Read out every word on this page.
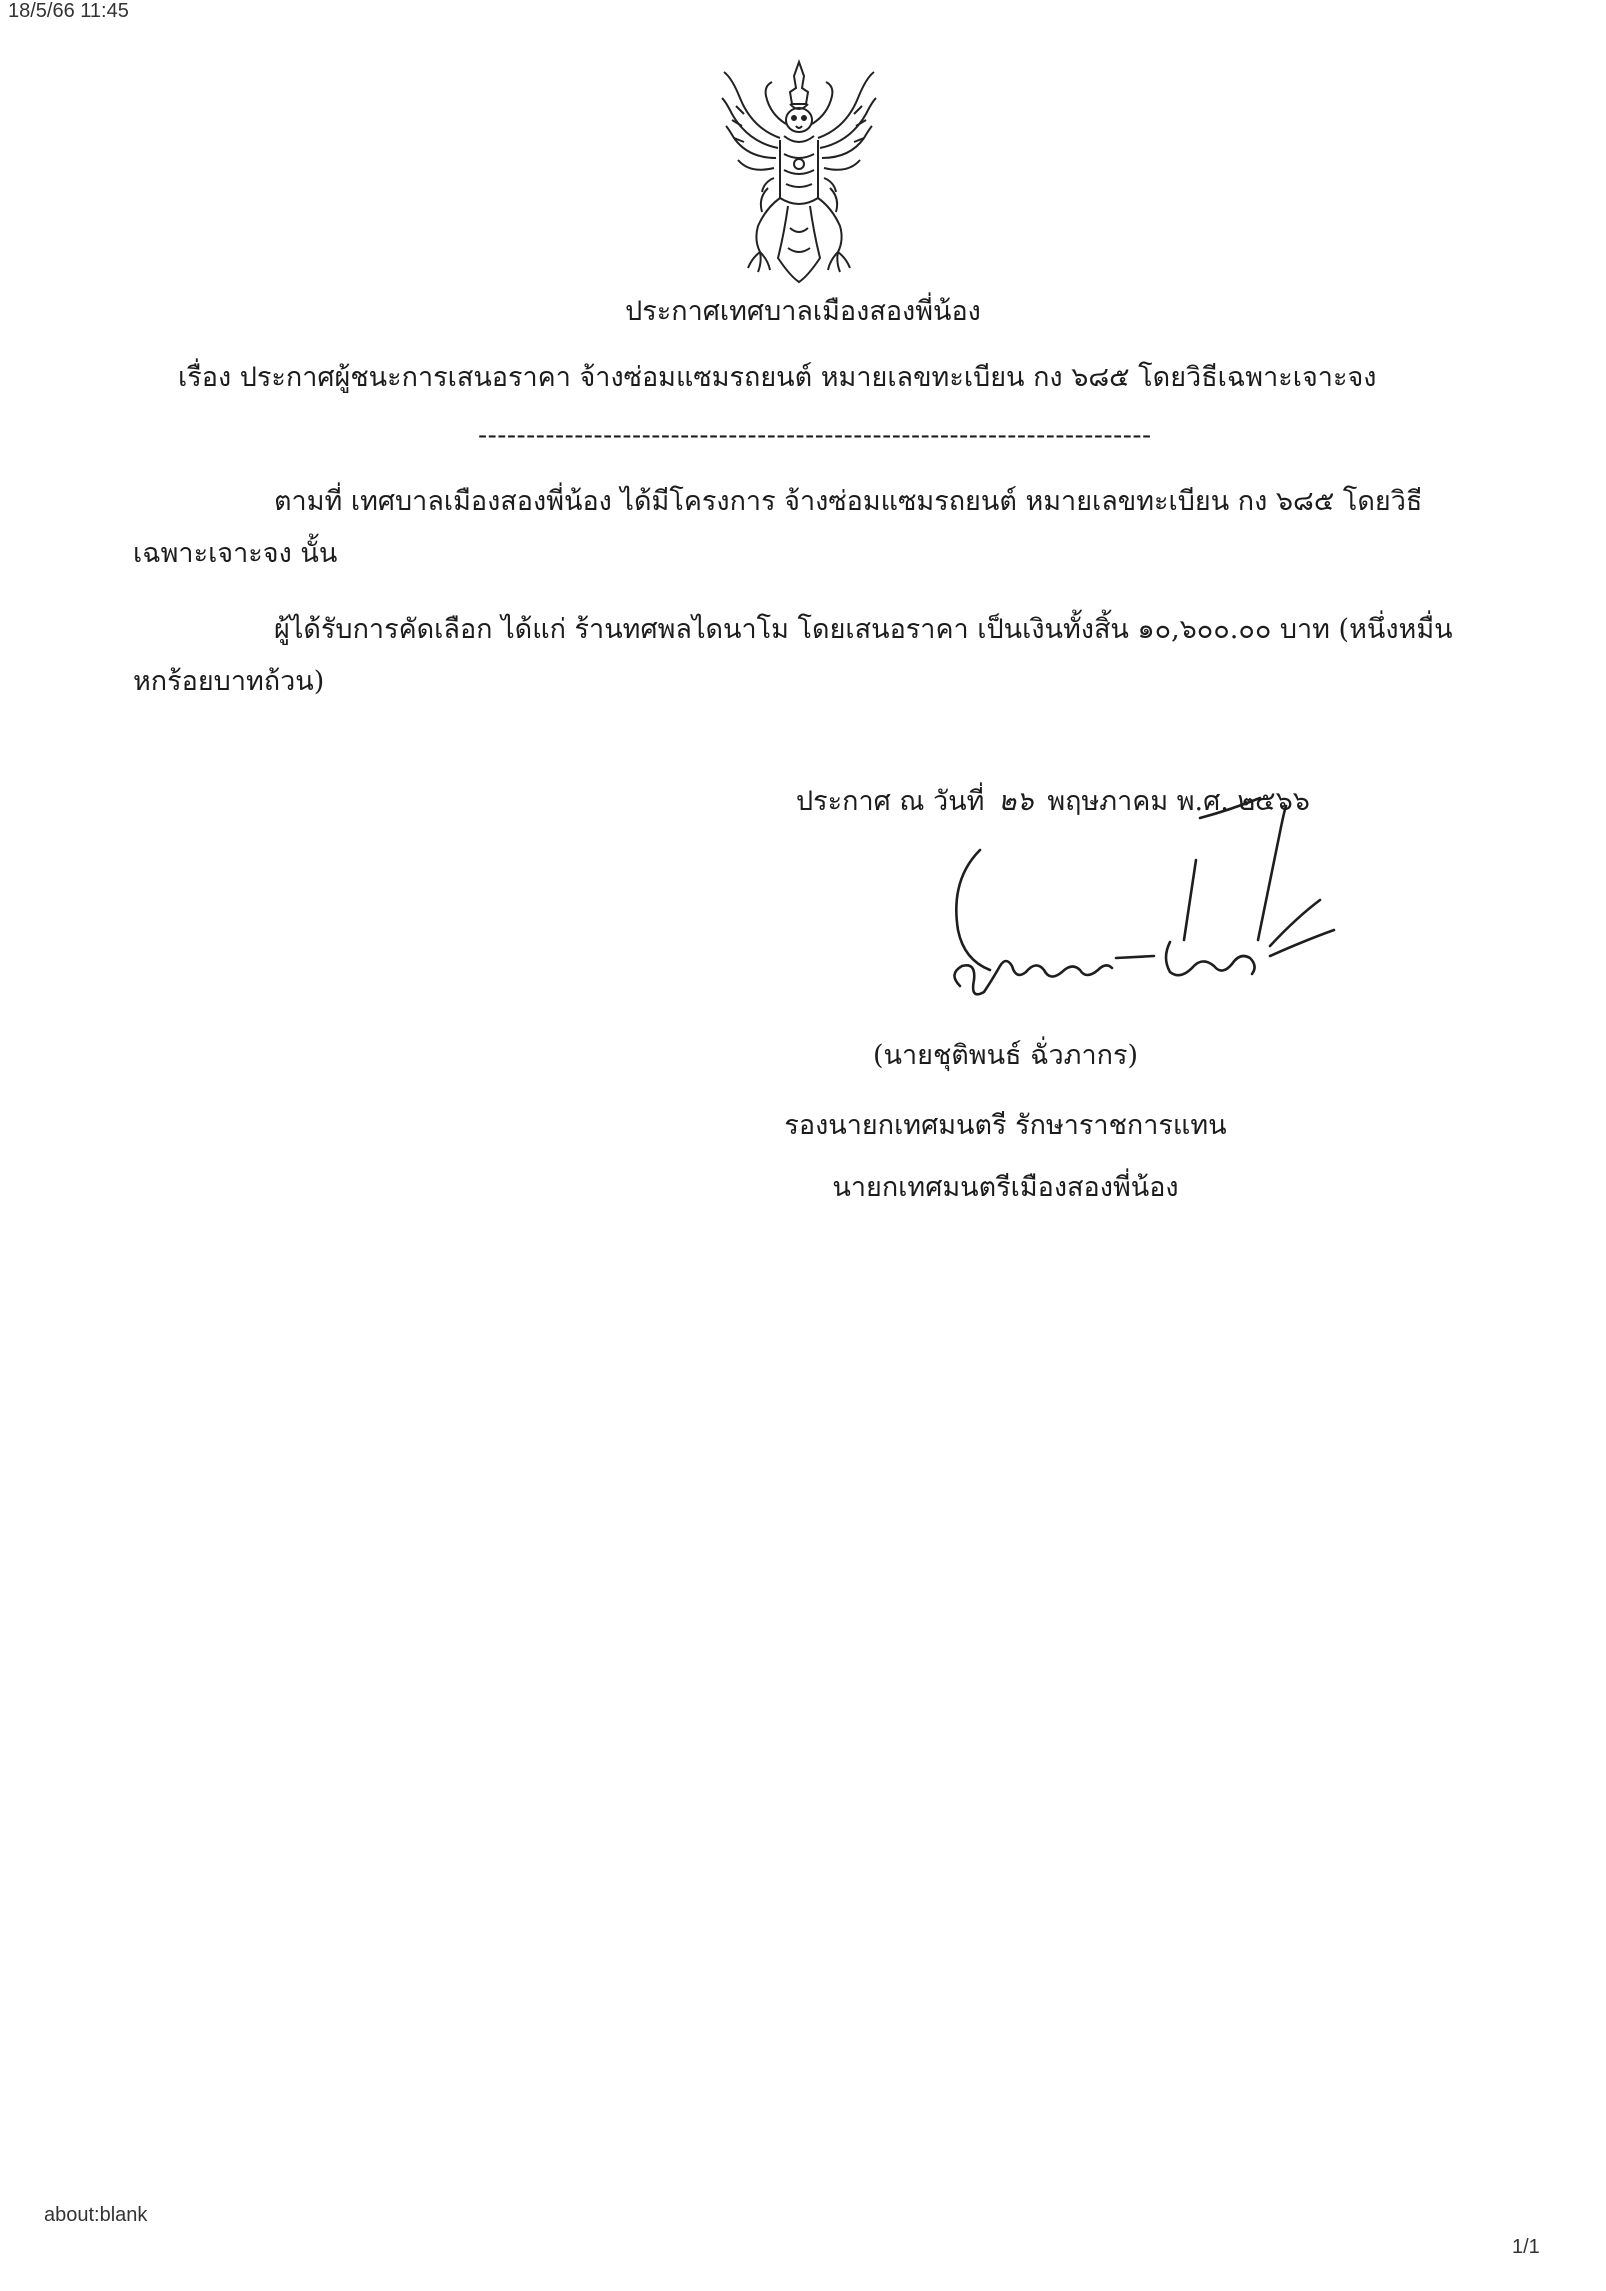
18/5/66 11:45
ประกาศเทศบาลเมืองสองพี่น้อง
เรื่อง ประกาศผู้ชนะการเสนอราคา จ้างซ่อมแซมรถยนต์ หมายเลขทะเบียน กง ๖๘๕ โดยวิธีเฉพาะเจาะจง
----------------------------------------------------------------------
ตามที่ เทศบาลเมืองสองพี่น้อง ได้มีโครงการ จ้างซ่อมแซมรถยนต์ หมายเลขทะเบียน กง ๖๘๕ โดยวิธี
เฉพาะเจาะจง นั้น
ผู้ได้รับการคัดเลือก ได้แก่ ร้านทศพลไดนาโม โดยเสนอราคา เป็นเงินทั้งสิ้น ๑๐,๖๐๐.๐๐ บาท (หนึ่งหมื่น
หกร้อยบาทถ้วน)
ประกาศ ณ วันที่ ๒๖ พฤษภาคม พ.ศ. ๒๕๖๖
(นายชุติพนธ์ ฉั่วภากร)
รองนายกเทศมนตรี รักษาราชการแทน
นายกเทศมนตรีเมืองสองพี่น้อง
about:blank
1/1
